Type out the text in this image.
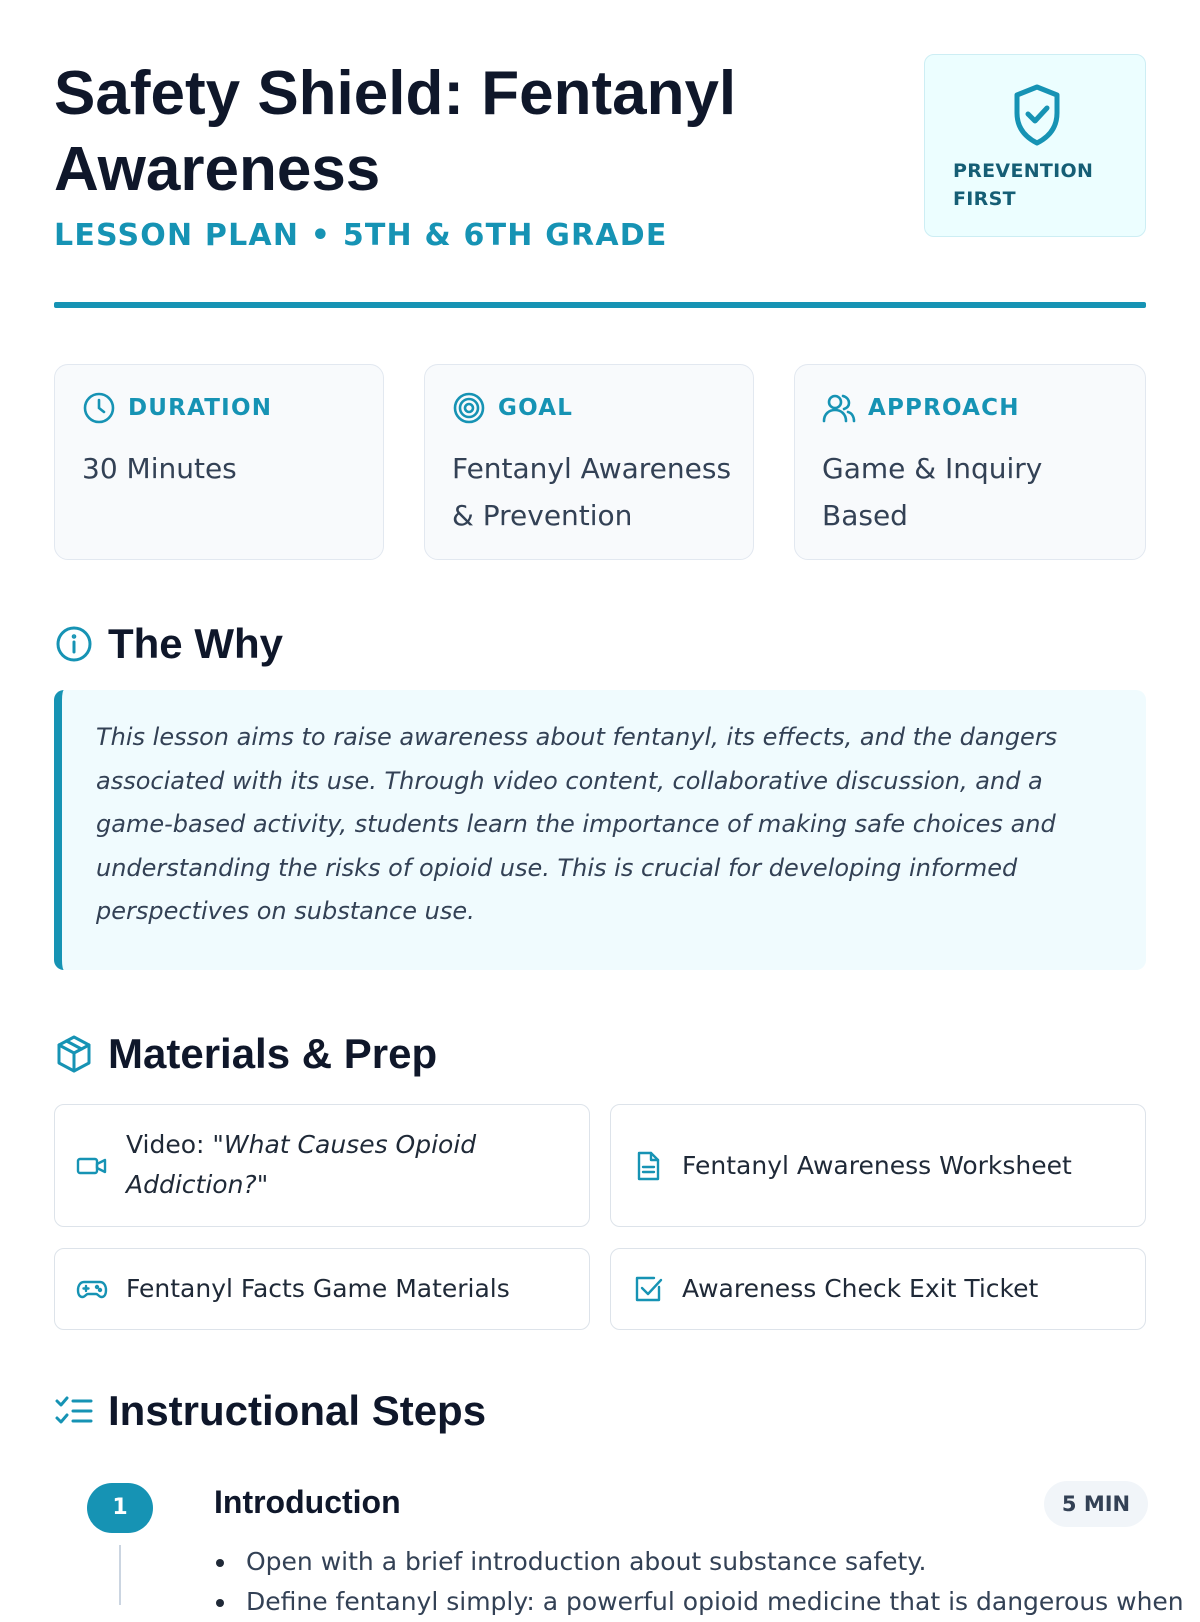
Safety Shield: Fentanyl Awareness
LESSON PLAN • 5TH & 6TH GRADE
PREVENTION FIRST
DURATION
30 Minutes
GOAL
Fentanyl Awareness & Prevention
APPROACH
Game & Inquiry Based
The Why

This lesson aims to raise awareness about fentanyl, its effects, and the dangers associated with its use. Through video content, collaborative discussion, and a game-based activity, students learn the importance of making safe choices and understanding the risks of opioid use. This is crucial for developing informed perspectives on substance use.

Materials & Prep
Video: "What Causes Opioid Addiction?"
Fentanyl Awareness Worksheet
Fentanyl Facts Game Materials	Awareness Check Exit Ticket
Instructional Steps
1	Introduction	5 MIN
Open with a brief introduction about substance safety.
Define fentanyl simply: a powerful opioid medicine that is dangerous when
